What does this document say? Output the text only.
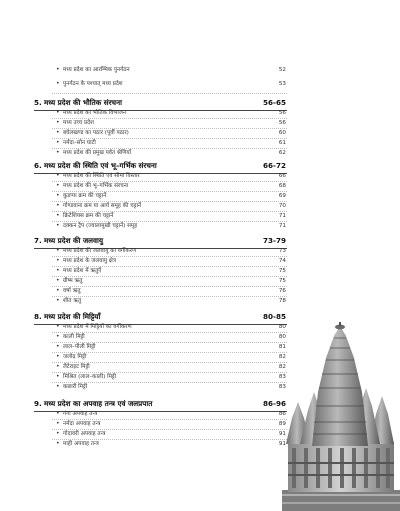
• मध्य प्रदेश का आरम्भिक पुनर्गठन	52
• पुनर्गठन के पश्चात् मध्य प्रदेश	53
5. मध्य प्रदेश की भौतिक संरचना	56-65
• मध्य प्रदेश का भौतिक विभाजन	56
• मध्य उच्च प्रदेश	56
• बघेलखण्ड का पठार (पूर्वी पठार)	60
• नर्मदा–सोन घाटी	61
• मध्य प्रदेश की प्रमुख पर्वत श्रेणियाँ	62
6. मध्य प्रदेश की स्थिति एवं भू–गर्भिक संरचना	66-72
• मध्य प्रदेश की स्थिति एवं सीमा विस्तार	66
• मध्य प्रदेश की भू–गर्भिक संरचना	68
• कुडप्पा क्रम की चट्टानें	69
• गोण्डवाना क्रम या आर्य समूह की चट्टानें	70
• क्रिटेशियस क्रम की चट्टानें	71
• दक्कन ट्रैप (ज्वालामुखी चट्टानें) समूह	71
7. मध्य प्रदेश की जलवायु	73-79
• मध्य प्रदेश की जलवायु का वर्गीकरण	73
• मध्य प्रदेश के जलवायु क्षेत्र	74
• मध्य प्रदेश में ऋतुएँ	75
• ग्रीष्म ऋतु	75
• वर्षा ऋतु	76
• शीत ऋतु	78
8. मध्य प्रदेश की मिट्टियाँ	80-85
• मध्य प्रदेश में मिट्टियों का वर्गीकरण	80
• काली मिट्टी	80
• लाल–पीली मिट्टी	81
• जलोढ़ मिट्टी	82
• लैटेराइट मिट्टी	82
• मिश्रित (लाल–काली) मिट्टी	83
• कछारी मिट्टी	83
9. मध्य प्रदेश का अपवाह तन्त्र एवं जलप्रपात	86-96
• गंगा अपवाह तन्त्र	86
• नर्मदा अपवाह तन्त्र	89
• गोदावरी अपवाह तन्त्र	91
• माही अपवाह तन्त्र	91
